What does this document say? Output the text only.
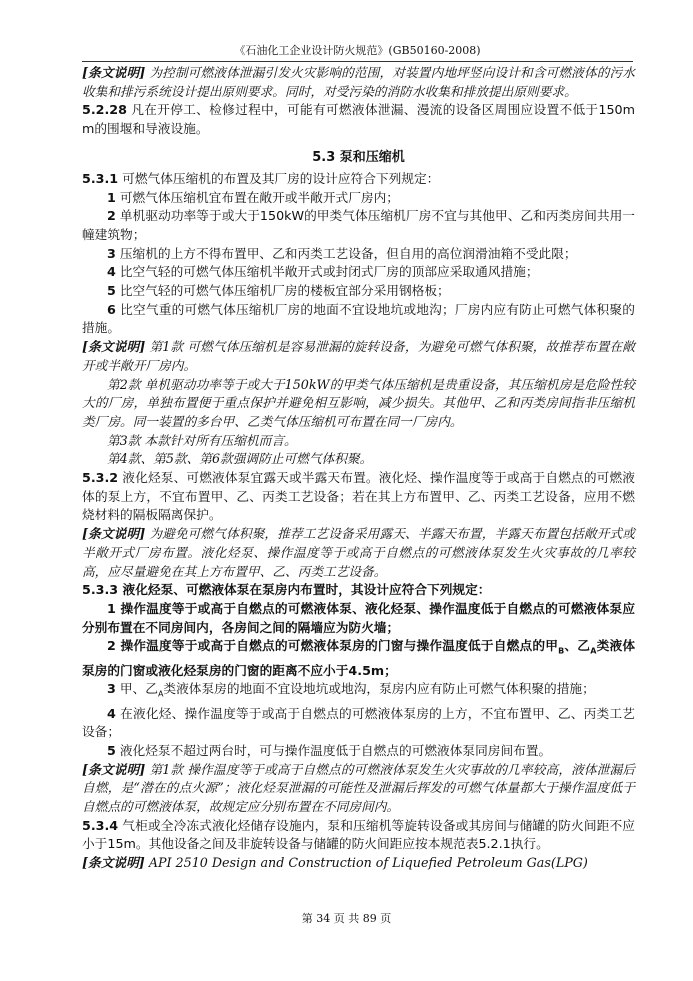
《石油化工企业设计防火规范》(GB50160-2008)

[条文说明] 为控制可燃液体泄漏引发火灾影响的范围，对装置内地坪竖向设计和含可燃液体的污水收集和排污系统设计提出原则要求。同时，对受污染的消防水收集和排放提出原则要求。

5.2.28 凡在开停工、检修过程中，可能有可燃液体泄漏、漫流的设备区周围应设置不低于150mm的围堰和导液设施。

5.3 泵和压缩机

5.3.1 可燃气体压缩机的布置及其厂房的设计应符合下列规定：

1 可燃气体压缩机宜布置在敞开或半敞开式厂房内；

2 单机驱动功率等于或大于150kW的甲类气体压缩机厂房不宜与其他甲、乙和丙类房间共用一幢建筑物；

3 压缩机的上方不得布置甲、乙和丙类工艺设备，但自用的高位润滑油箱不受此限；

4 比空气轻的可燃气体压缩机半敞开式或封闭式厂房的顶部应采取通风措施；

5 比空气轻的可燃气体压缩机厂房的楼板宜部分采用钢格板；

6 比空气重的可燃气体压缩机厂房的地面不宜设地坑或地沟；厂房内应有防止可燃气体积聚的措施。

[条文说明] 第1款 可燃气体压缩机是容易泄漏的旋转设备，为避免可燃气体积聚，故推荐布置在敞开或半敞开厂房内。

第2款 单机驱动功率等于或大于150kW的甲类气体压缩机是贵重设备，其压缩机房是危险性较大的厂房，单独布置便于重点保护并避免相互影响，减少损失。其他甲、乙和丙类房间指非压缩机类厂房。同一装置的多台甲、乙类气体压缩机可布置在同一厂房内。

第3款 本款针对所有压缩机而言。

第4款、第5款、第6款强调防止可燃气体积聚。

5.3.2 液化烃泵、可燃液体泵宜露天或半露天布置。液化烃、操作温度等于或高于自燃点的可燃液体的泵上方，不宜布置甲、乙、丙类工艺设备；若在其上方布置甲、乙、丙类工艺设备，应用不燃烧材料的隔板隔离保护。

[条文说明] 为避免可燃气体积聚，推荐工艺设备采用露天、半露天布置，半露天布置包括敞开式或半敞开式厂房布置。液化烃泵、操作温度等于或高于自燃点的可燃液体泵发生火灾事故的几率较高，应尽量避免在其上方布置甲、乙、丙类工艺设备。

5.3.3 液化烃泵、可燃液体泵在泵房内布置时，其设计应符合下列规定：

1 操作温度等于或高于自燃点的可燃液体泵、液化烃泵、操作温度低于自燃点的可燃液体泵应分别布置在不同房间内，各房间之间的隔墙应为防火墙；

2 操作温度等于或高于自燃点的可燃液体泵房的门窗与操作温度低于自燃点的甲$_B$、乙$_A$类液体泵房的门窗或液化烃泵房的门窗的距离不应小于4.5m；

3 甲、乙$_A$类液体泵房的地面不宜设地坑或地沟，泵房内应有防止可燃气体积聚的措施；

4 在液化烃、操作温度等于或高于自燃点的可燃液体泵房的上方，不宜布置甲、乙、丙类工艺设备；

5 液化烃泵不超过两台时，可与操作温度低于自燃点的可燃液体泵同房间布置。

[条文说明] 第1款 操作温度等于或高于自燃点的可燃液体泵发生火灾事故的几率较高，液体泄漏后自燃，是“潜在的点火源”；液化烃泵泄漏的可能性及泄漏后挥发的可燃气体量都大于操作温度低于自燃点的可燃液体泵，故规定应分别布置在不同房间内。

5.3.4 气柜或全冷冻式液化烃储存设施内，泵和压缩机等旋转设备或其房间与储罐的防火间距不应小于15m。其他设备之间及非旋转设备与储罐的防火间距应按本规范表5.2.1执行。

[条文说明] API 2510 Design and Construction of Liquefied Petroleum Gas(LPG)

第 34 页 共 89 页
